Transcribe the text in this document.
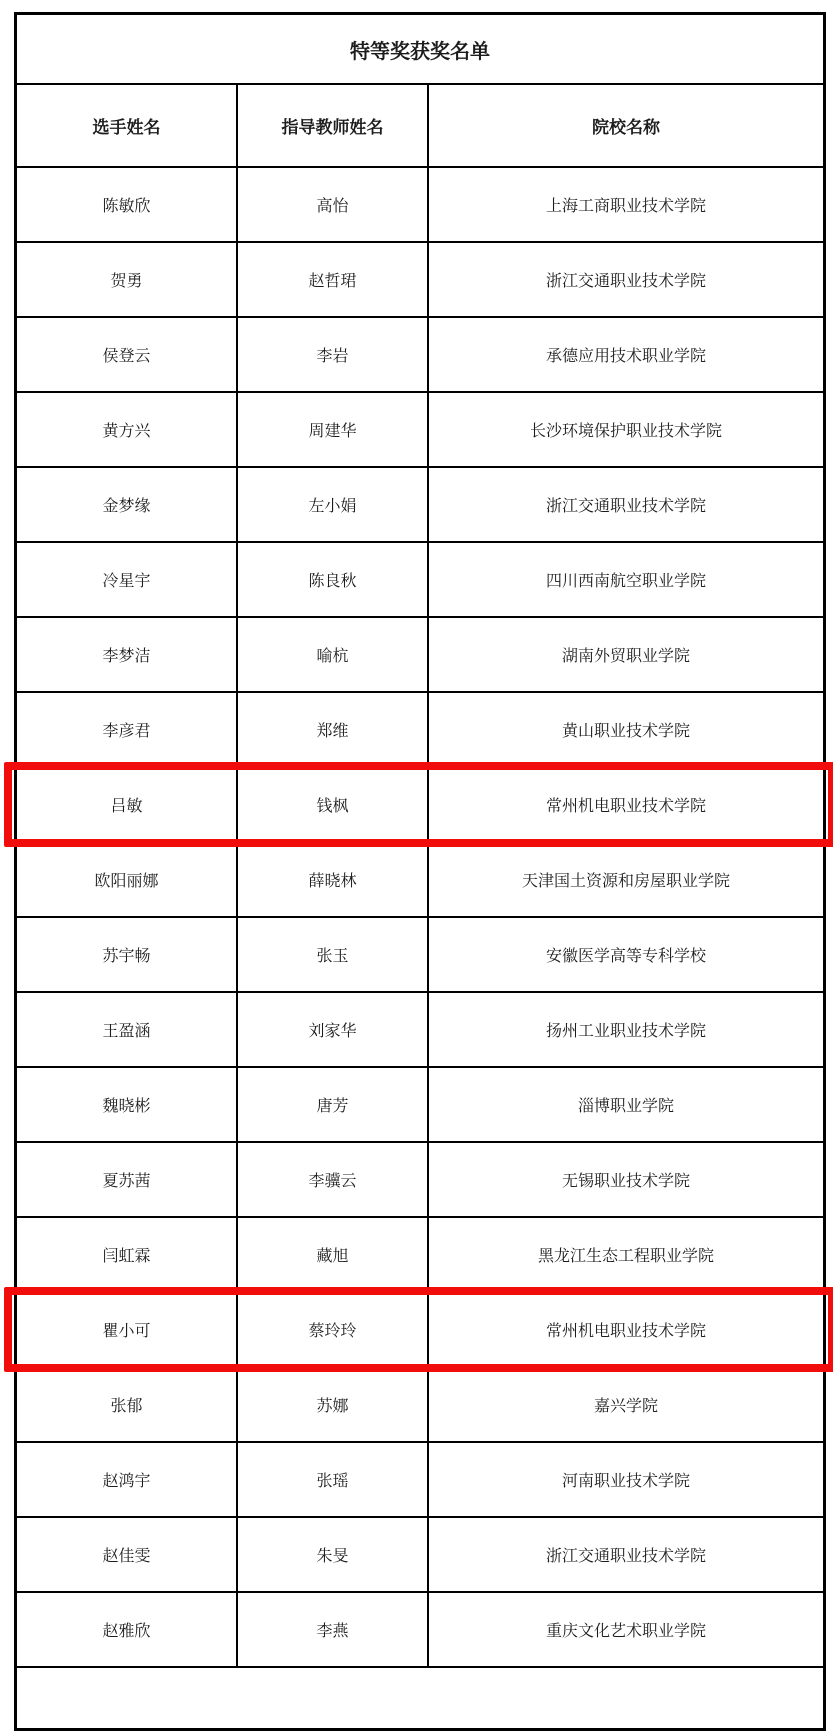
特等奖获奖名单
选手姓名	指导教师姓名	院校名称
陈敏欣	高怡	上海工商职业技术学院
贺勇	赵哲珺	浙江交通职业技术学院
侯登云	李岩	承德应用技术职业学院
黄方兴	周建华	长沙环境保护职业技术学院
金梦缘	左小娟	浙江交通职业技术学院
冷星宇	陈良秋	四川西南航空职业学院
李梦洁	喻杭	湖南外贸职业学院
李彦君	郑维	黄山职业技术学院
吕敏	钱枫	常州机电职业技术学院
欧阳丽娜	薛晓林	天津国土资源和房屋职业学院
苏宇畅	张玉	安徽医学高等专科学校
王盈涵	刘家华	扬州工业职业技术学院
魏晓彬	唐芳	淄博职业学院
夏苏茜	李骥云	无锡职业技术学院
闫虹霖	藏旭	黑龙江生态工程职业学院
瞿小可	蔡玲玲	常州机电职业技术学院
张郁	苏娜	嘉兴学院
赵鸿宇	张瑶	河南职业技术学院
赵佳雯	朱旻	浙江交通职业技术学院
赵雅欣	李燕	重庆文化艺术职业学院
